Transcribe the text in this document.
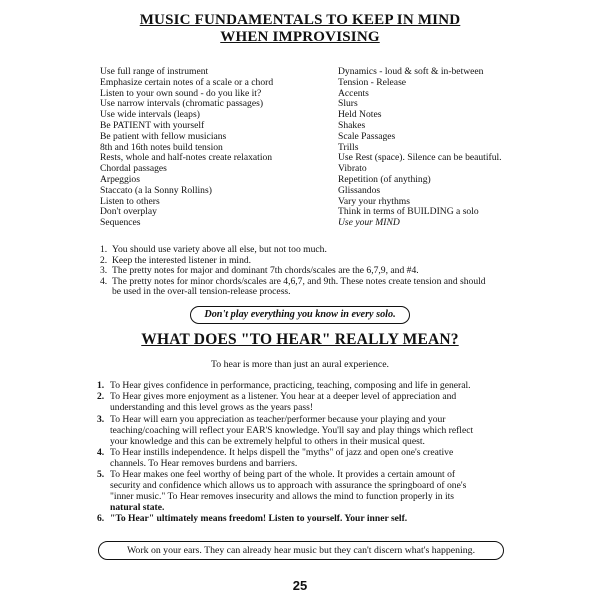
MUSIC FUNDAMENTALS TO KEEP IN MIND
WHEN IMPROVISING
Use full range of instrument
Emphasize certain notes of a scale or a chord
Listen to your own sound - do you like it?
Use narrow intervals (chromatic passages)
Use wide intervals (leaps)
Be PATIENT with yourself
Be patient with fellow musicians
8th and 16th notes build tension
Rests, whole and half-notes create relaxation
Chordal passages
Arpeggios
Staccato (a la Sonny Rollins)
Listen to others
Don't overplay
Sequences
Dynamics - loud & soft & in-between
Tension - Release
Accents
Slurs
Held Notes
Shakes
Scale Passages
Trills
Use Rest (space). Silence can be beautiful.
Vibrato
Repetition (of anything)
Glissandos
Vary your rhythms
Think in terms of BUILDING a solo
Use your MIND
1. You should use variety above all else, but not too much.
2. Keep the interested listener in mind.
3. The pretty notes for major and dominant 7th chords/scales are the 6,7,9, and #4.
4. The pretty notes for minor chords/scales are 4,6,7, and 9th. These notes create tension and should
be used in the over-all tension-release process.
Don't play everything you know in every solo.
WHAT DOES "TO HEAR" REALLY MEAN?
To hear is more than just an aural experience.
1. To Hear gives confidence in performance, practicing, teaching, composing and life in general.
2. To Hear gives more enjoyment as a listener. You hear at a deeper level of appreciation and
understanding and this level grows as the years pass!
3. To Hear will earn you appreciation as teacher/performer because your playing and your
teaching/coaching will reflect your EAR'S knowledge. You'll say and play things which reflect
your knowledge and this can be extremely helpful to others in their musical quest.
4. To Hear instills independence. It helps dispell the "myths" of jazz and open one's creative
channels. To Hear removes burdens and barriers.
5. To Hear makes one feel worthy of being part of the whole. It provides a certain amount of
security and confidence which allows us to approach with assurance the springboard of one's
"inner music." To Hear removes insecurity and allows the mind to function properly in its
natural state.
6. "To Hear" ultimately means freedom! Listen to yourself. Your inner self.
Work on your ears. They can already hear music but they can't discern what's happening.
25
